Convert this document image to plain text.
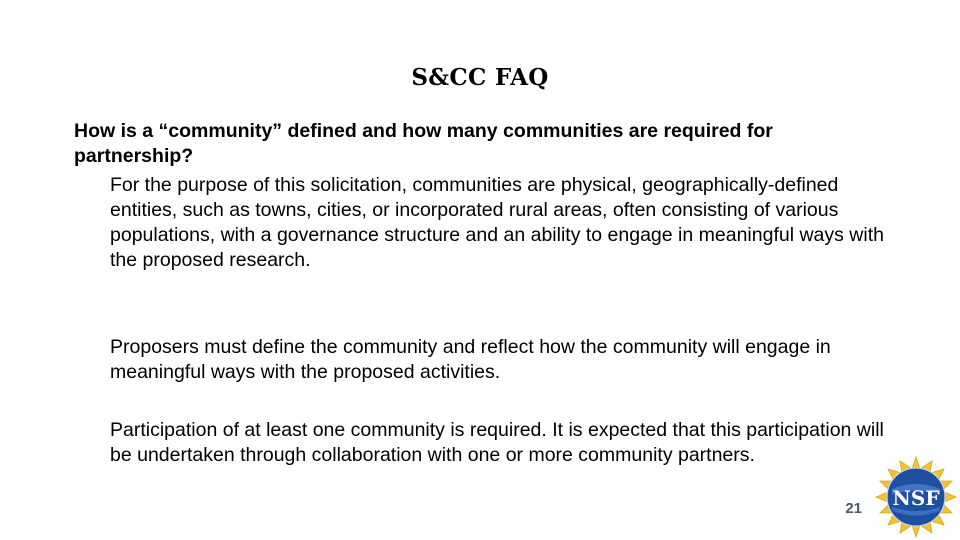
S&CC FAQ
How is a “community” defined and how many communities are required for partnership?
For the purpose of this solicitation, communities are physical, geographically-defined entities, such as towns, cities, or incorporated rural areas, often consisting of various populations, with a governance structure and an ability to engage in meaningful ways with the proposed research.
Proposers must define the community and reflect how the community will engage in meaningful ways with the proposed activities.
Participation of at least one community is required. It is expected that this participation will be undertaken through collaboration with one or more community partners.
21 NSF
